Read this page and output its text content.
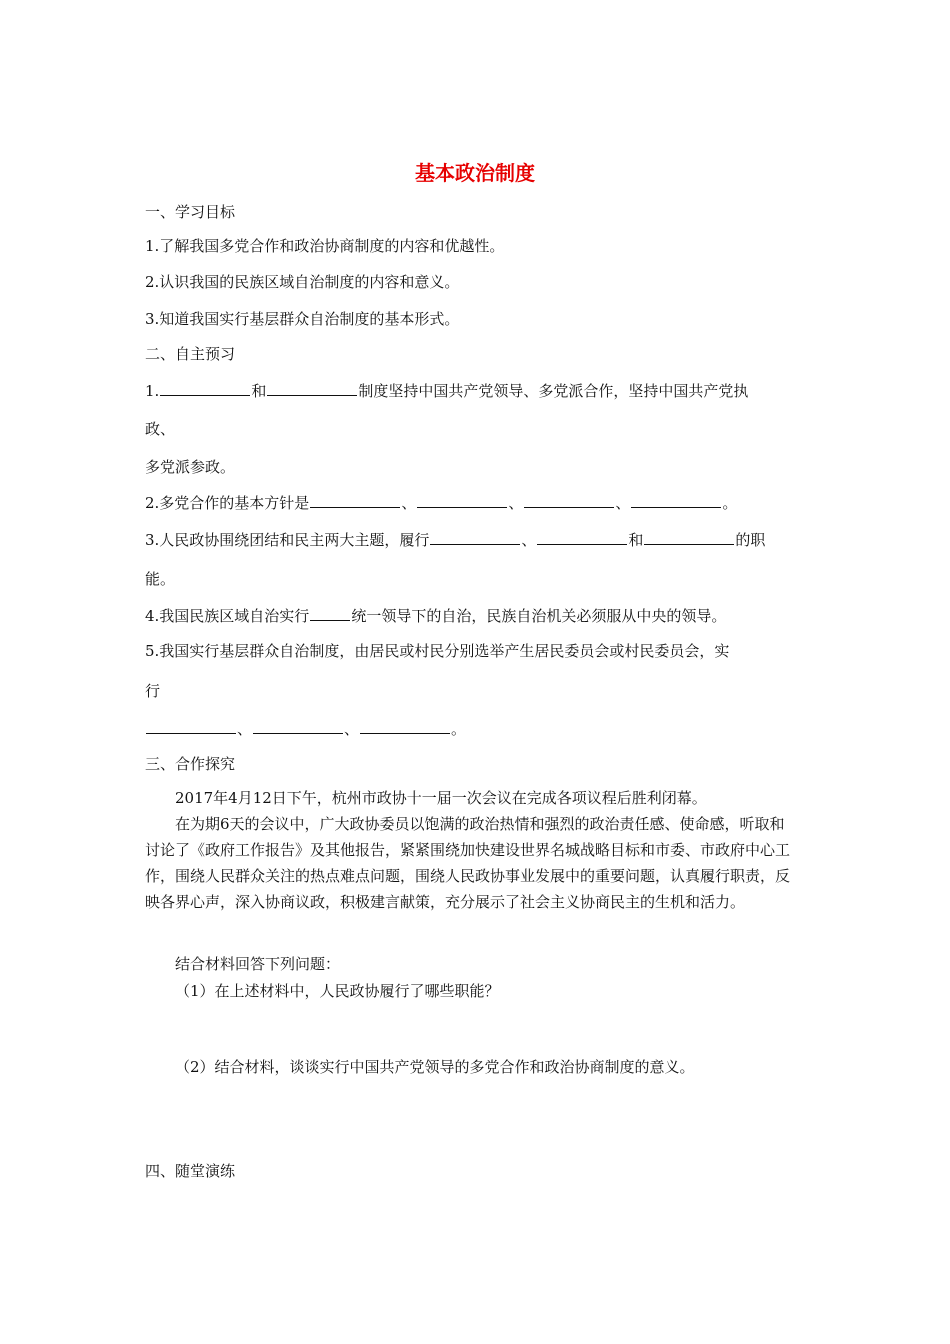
基本政治制度
一、学习目标
1.了解我国多党合作和政治协商制度的内容和优越性。
2.认识我国的民族区域自治制度的内容和意义。
3.知道我国实行基层群众自治制度的基本形式。
二、自主预习
1.	和	制度坚持中国共产党领导、多党派合作，坚持中国共产党执
政、
多党派参政。
2.多党合作的基本方针是	、	、	、	。
3.人民政协围绕团结和民主两大主题，履行	、	和	的职
能。
4.我国民族区域自治实行	统一领导下的自治，民族自治机关必须服从中央的领导。
5.我国实行基层群众自治制度，由居民或村民分别选举产生居民委员会或村民委员会，实
行
、	、	。
三、合作探究
2017年4月12日下午，杭州市政协十一届一次会议在完成各项议程后胜利闭幕。
在为期6天的会议中，广大政协委员以饱满的政治热情和强烈的政治责任感、使命感，听取和讨论了《政府工作报告》及其他报告，紧紧围绕加快建设世界名城战略目标和市委、市政府中心工作，围绕人民群众关注的热点难点问题，围绕人民政协事业发展中的重要问题，认真履行职责，反映各界心声，深入协商议政，积极建言献策，充分展示了社会主义协商民主的生机和活力。
结合材料回答下列问题：
（1）在上述材料中，人民政协履行了哪些职能？
（2）结合材料，谈谈实行中国共产党领导的多党合作和政治协商制度的意义。
四、随堂演练
